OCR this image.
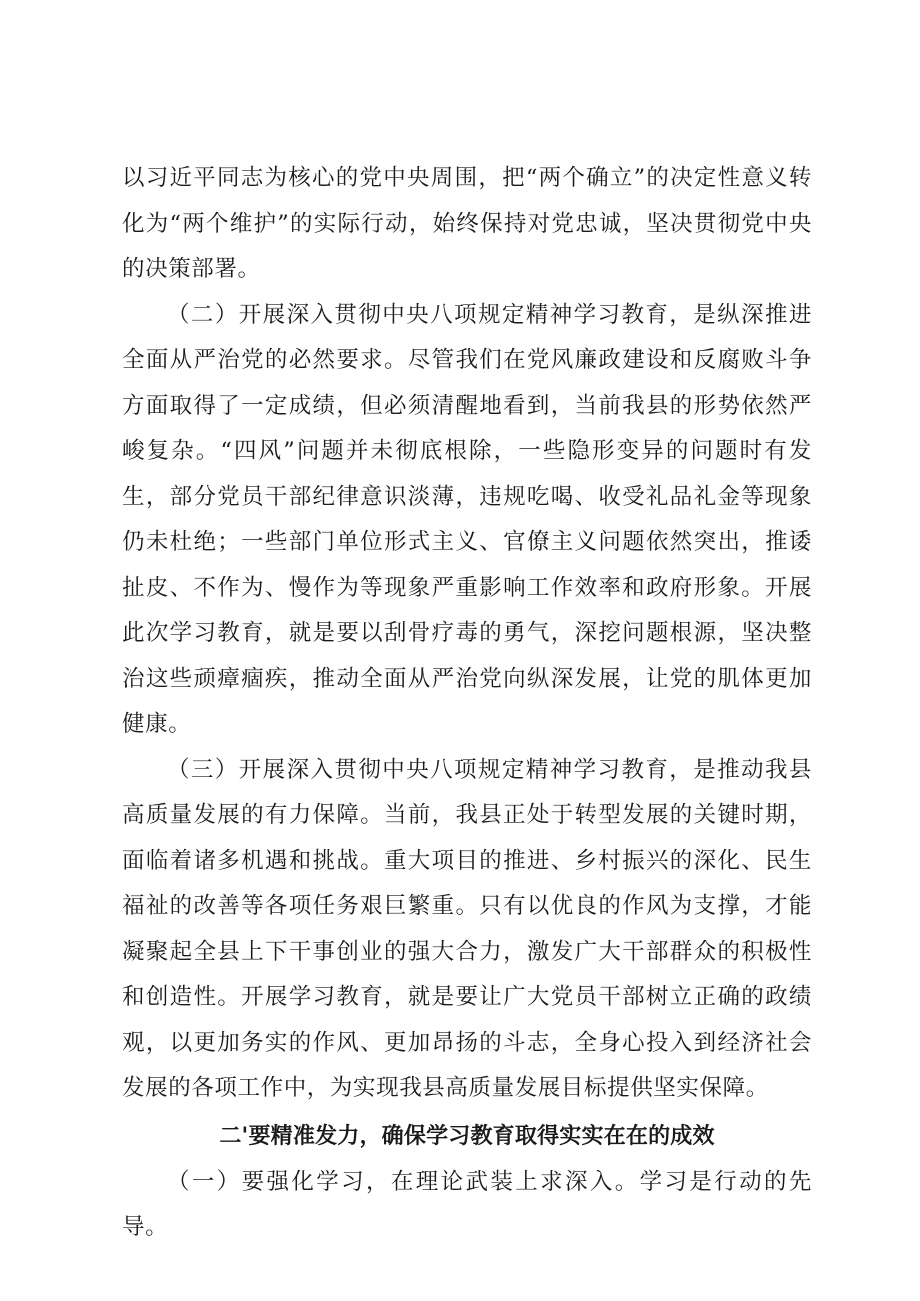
以习近平同志为核心的党中央周围，把“两个确立”的决定性意义转化为“两个维护”的实际行动，始终保持对党忠诚，坚决贯彻党中央的决策部署。

（二）开展深入贯彻中央八项规定精神学习教育，是纵深推进全面从严治党的必然要求。尽管我们在党风廉政建设和反腐败斗争方面取得了一定成绩，但必须清醒地看到，当前我县的形势依然严峻复杂。“四风”问题并未彻底根除，一些隐形变异的问题时有发生，部分党员干部纪律意识淡薄，违规吃喝、收受礼品礼金等现象仍未杜绝；一些部门单位形式主义、官僚主义问题依然突出，推诿扯皮、不作为、慢作为等现象严重影响工作效率和政府形象。开展此次学习教育，就是要以刮骨疗毒的勇气，深挖问题根源，坚决整治这些顽瘴痼疾，推动全面从严治党向纵深发展，让党的肌体更加健康。

（三）开展深入贯彻中央八项规定精神学习教育，是推动我县高质量发展的有力保障。当前，我县正处于转型发展的关键时期，面临着诸多机遇和挑战。重大项目的推进、乡村振兴的深化、民生福祉的改善等各项任务艰巨繁重。只有以优良的作风为支撑，才能凝聚起全县上下干事创业的强大合力，激发广大干部群众的积极性和创造性。开展学习教育，就是要让广大党员干部树立正确的政绩观，以更加务实的作风、更加昂扬的斗志，全身心投入到经济社会发展的各项工作中，为实现我县高质量发展目标提供坚实保障。

二'要精准发力，确保学习教育取得实实在在的成效

（一）要强化学习，在理论武装上求深入。学习是行动的先导。
